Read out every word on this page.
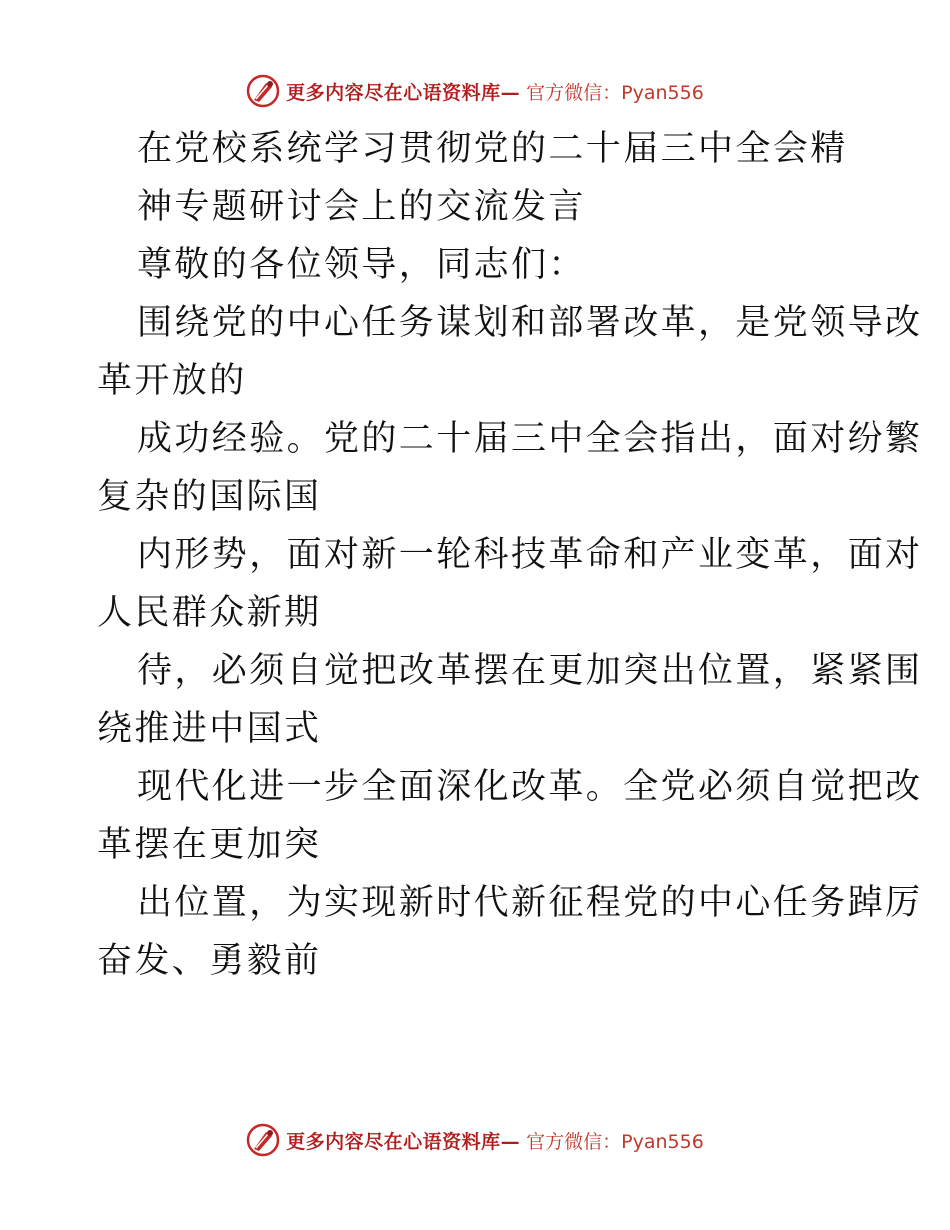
更多内容尽在心语资料库— 官方微信：Pyan556
在党校系统学习贯彻党的二十届三中全会精
神专题研讨会上的交流发言
尊敬的各位领导，同志们：
围绕党的中心任务谋划和部署改革，是党领导改
革开放的
成功经验。党的二十届三中全会指出，面对纷繁
复杂的国际国
内形势，面对新一轮科技革命和产业变革，面对
人民群众新期
待，必须自觉把改革摆在更加突出位置，紧紧围
绕推进中国式
现代化进一步全面深化改革。全党必须自觉把改
革摆在更加突
出位置，为实现新时代新征程党的中心任务踔厉
奋发、勇毅前
更多内容尽在心语资料库— 官方微信：Pyan556
